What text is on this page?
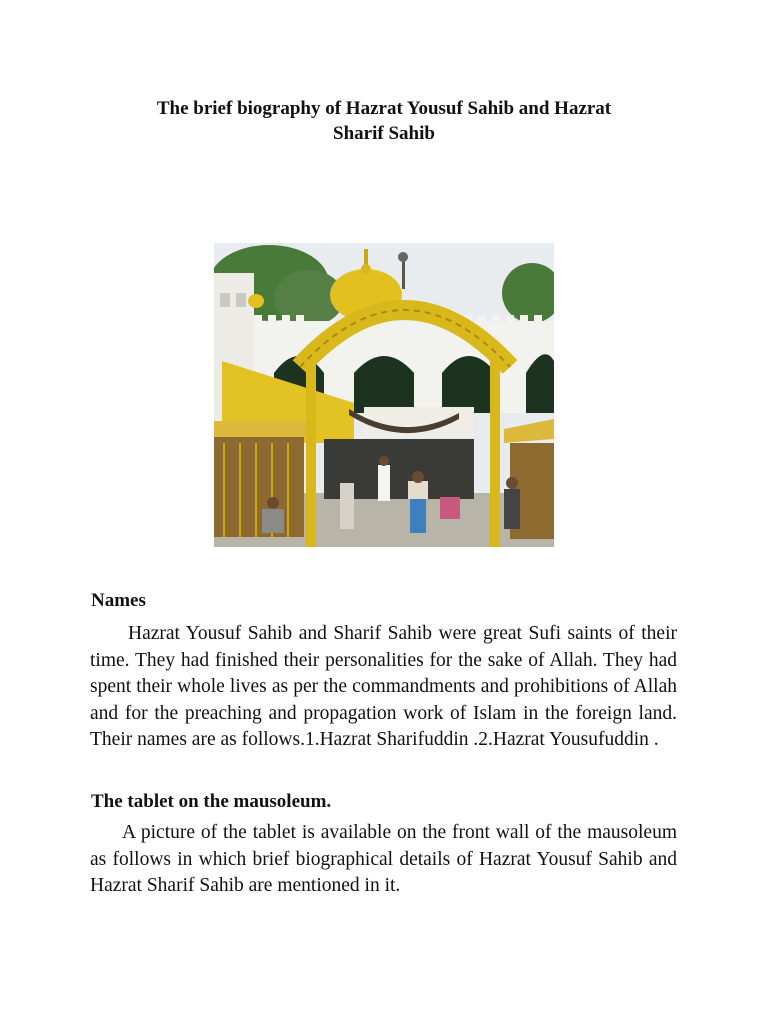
The brief biography of Hazrat Yousuf Sahib and Hazrat
Sharif Sahib
Names

Hazrat Yousuf Sahib and Sharif Sahib were great Sufi saints of their time. They had finished their personalities for the sake of Allah. They had spent their whole lives as per the commandments and prohibitions of Allah and for the preaching and propagation work of Islam in the foreign land. Their names are as follows.1.Hazrat Sharifuddin .2.Hazrat Yousufuddin .

The tablet on the mausoleum.

A picture of the tablet is available on the front wall of the mausoleum as follows in which brief biographical details of Hazrat Yousuf Sahib and Hazrat Sharif Sahib are mentioned in it.
